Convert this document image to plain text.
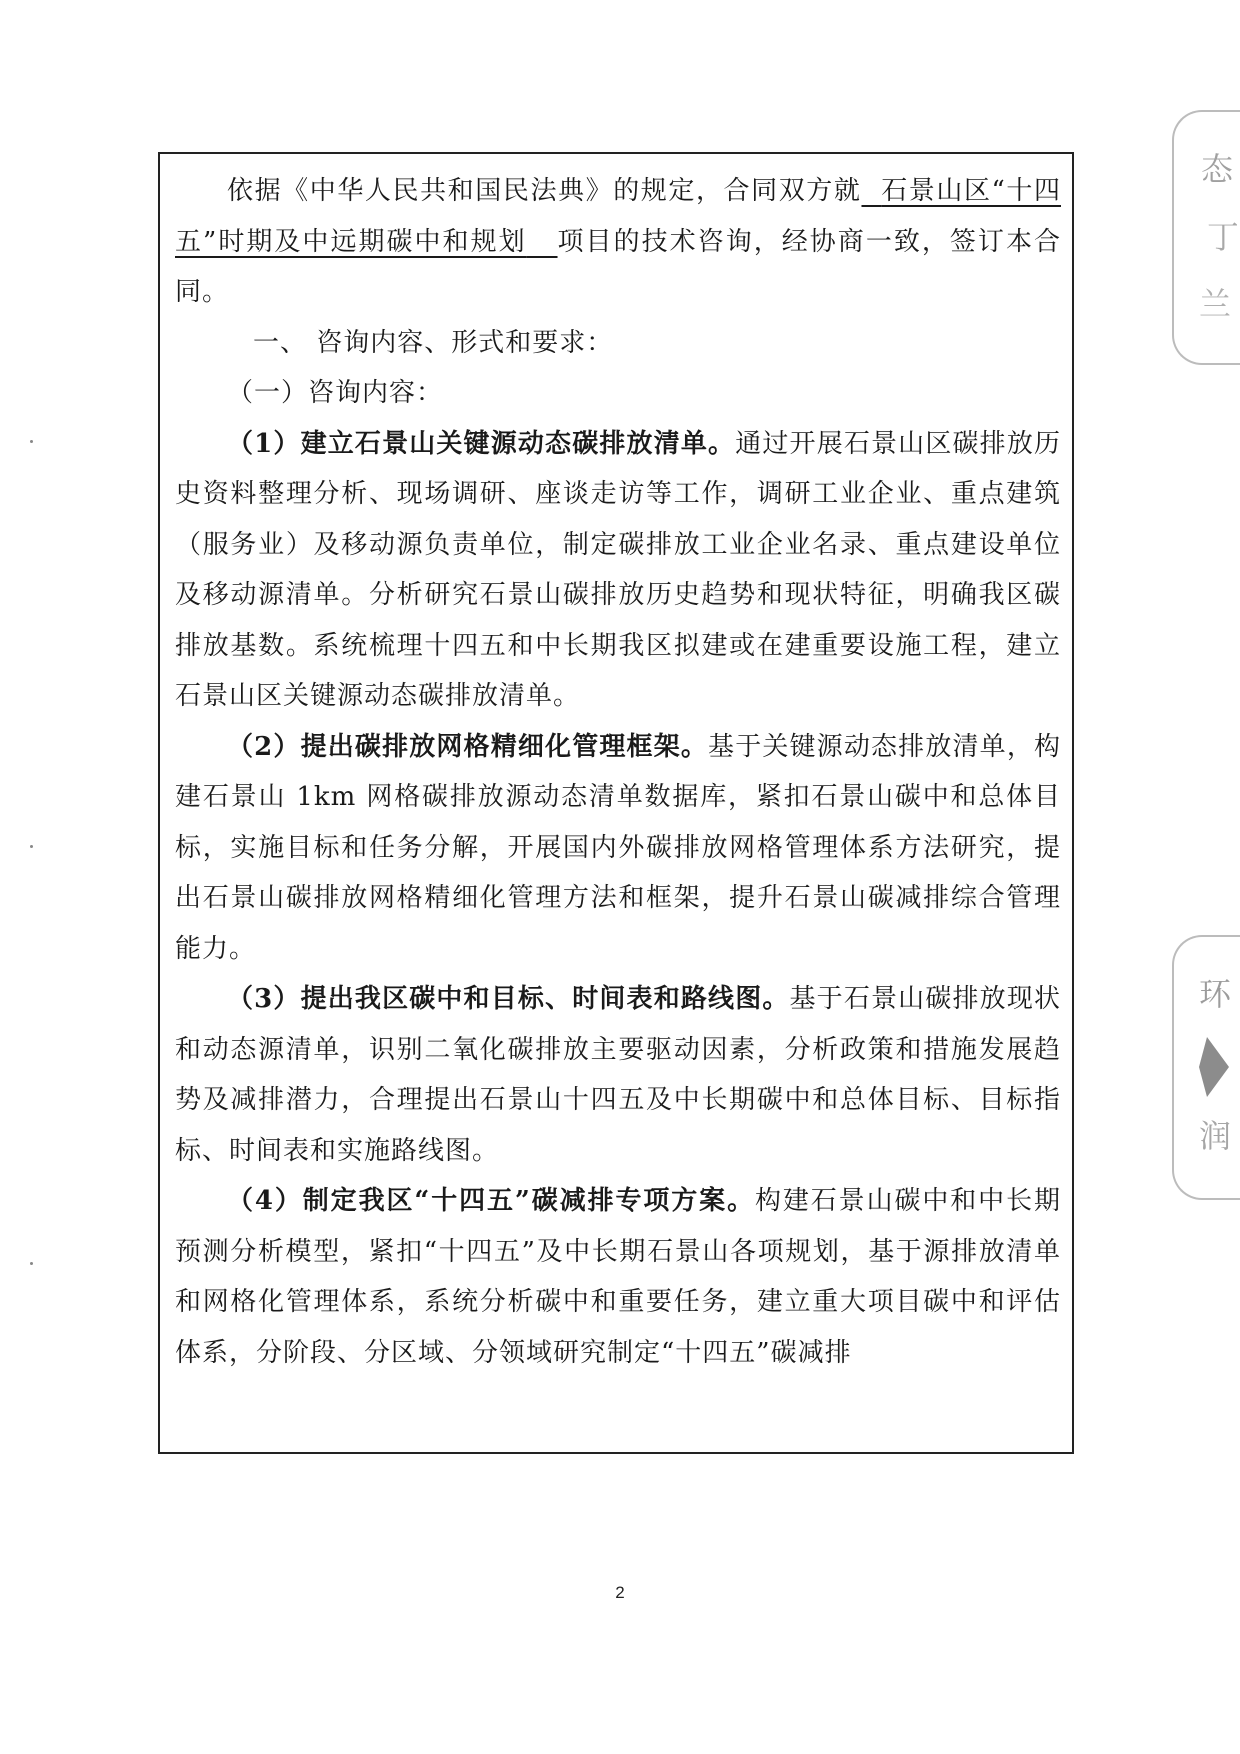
依据《中华人民共和国民法典》的规定，合同双方就 石景山区“十四五”时期及中远期碳中和规划 项目的技术咨询，经协商一致，签订本合同。

一、 咨询内容、形式和要求：

（一）咨询内容：

（1）建立石景山关键源动态碳排放清单。通过开展石景山区碳排放历史资料整理分析、现场调研、座谈走访等工作，调研工业企业、重点建筑（服务业）及移动源负责单位，制定碳排放工业企业名录、重点建设单位及移动源清单。分析研究石景山碳排放历史趋势和现状特征，明确我区碳排放基数。系统梳理十四五和中长期我区拟建或在建重要设施工程，建立石景山区关键源动态碳排放清单。

（2）提出碳排放网格精细化管理框架。基于关键源动态排放清单，构建石景山 1km 网格碳排放源动态清单数据库，紧扣石景山碳中和总体目标，实施目标和任务分解，开展国内外碳排放网格管理体系方法研究，提出石景山碳排放网格精细化管理方法和框架，提升石景山碳减排综合管理能力。

（3）提出我区碳中和目标、时间表和路线图。基于石景山碳排放现状和动态源清单，识别二氧化碳排放主要驱动因素，分析政策和措施发展趋势及减排潜力，合理提出石景山十四五及中长期碳中和总体目标、目标指标、时间表和实施路线图。

（4）制定我区“十四五”碳减排专项方案。构建石景山碳中和中长期预测分析模型，紧扣“十四五”及中长期石景山各项规划，基于源排放清单和网格化管理体系，系统分析碳中和重要任务，建立重大项目碳中和评估体系，分阶段、分区域、分领域研究制定“十四五”碳减排

2
态
丁
兰
环
润
